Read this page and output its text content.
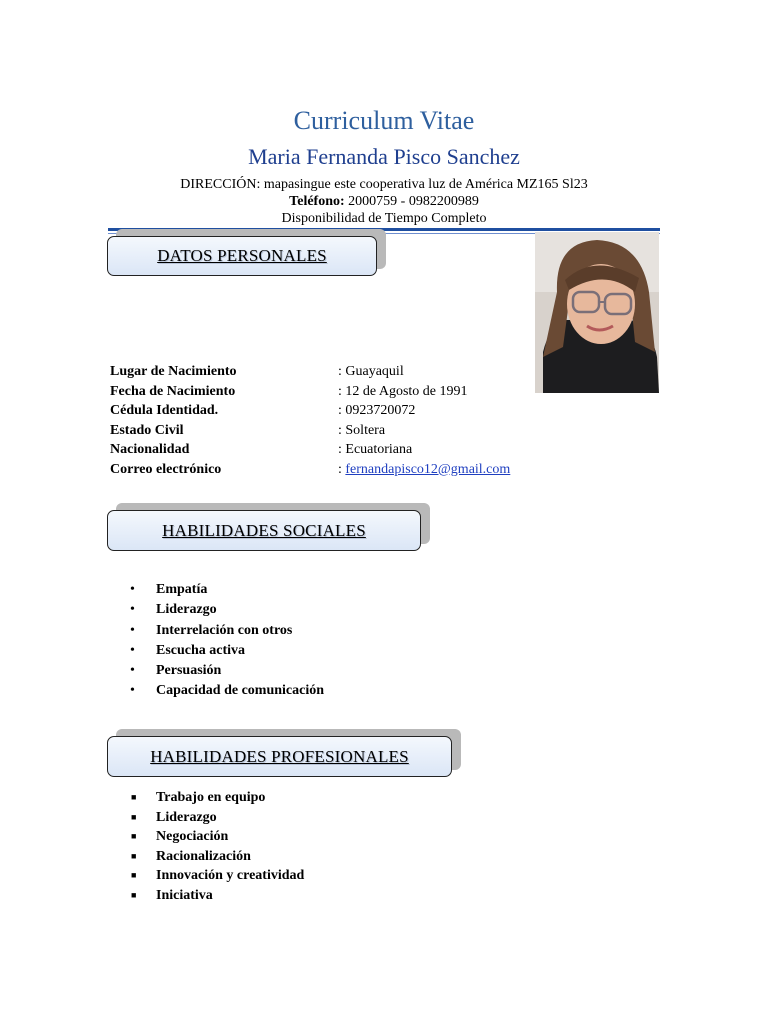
Curriculum Vitae
Maria Fernanda Pisco Sanchez
DIRECCIÓN: mapasingue este cooperativa luz de América MZ165 Sl23
Teléfono: 2000759 - 0982200989
Disponibilidad de Tiempo Completo
DATOS PERSONALES
Lugar de Nacimiento	: Guayaquil
Fecha de Nacimiento	: 12 de Agosto de 1991
Cédula Identidad.	: 0923720072
Estado Civil	: Soltera
Nacionalidad	: Ecuatoriana
Correo electrónico	: fernandapisco12@gmail.com
HABILIDADES SOCIALES
• Empatía
• Liderazgo
• Interrelación con otros
• Escucha activa
• Persuasión
• Capacidad de comunicación
HABILIDADES PROFESIONALES
■ Trabajo en equipo
■ Liderazgo
■ Negociación
■ Racionalización
■ Innovación y creatividad
■ Iniciativa
